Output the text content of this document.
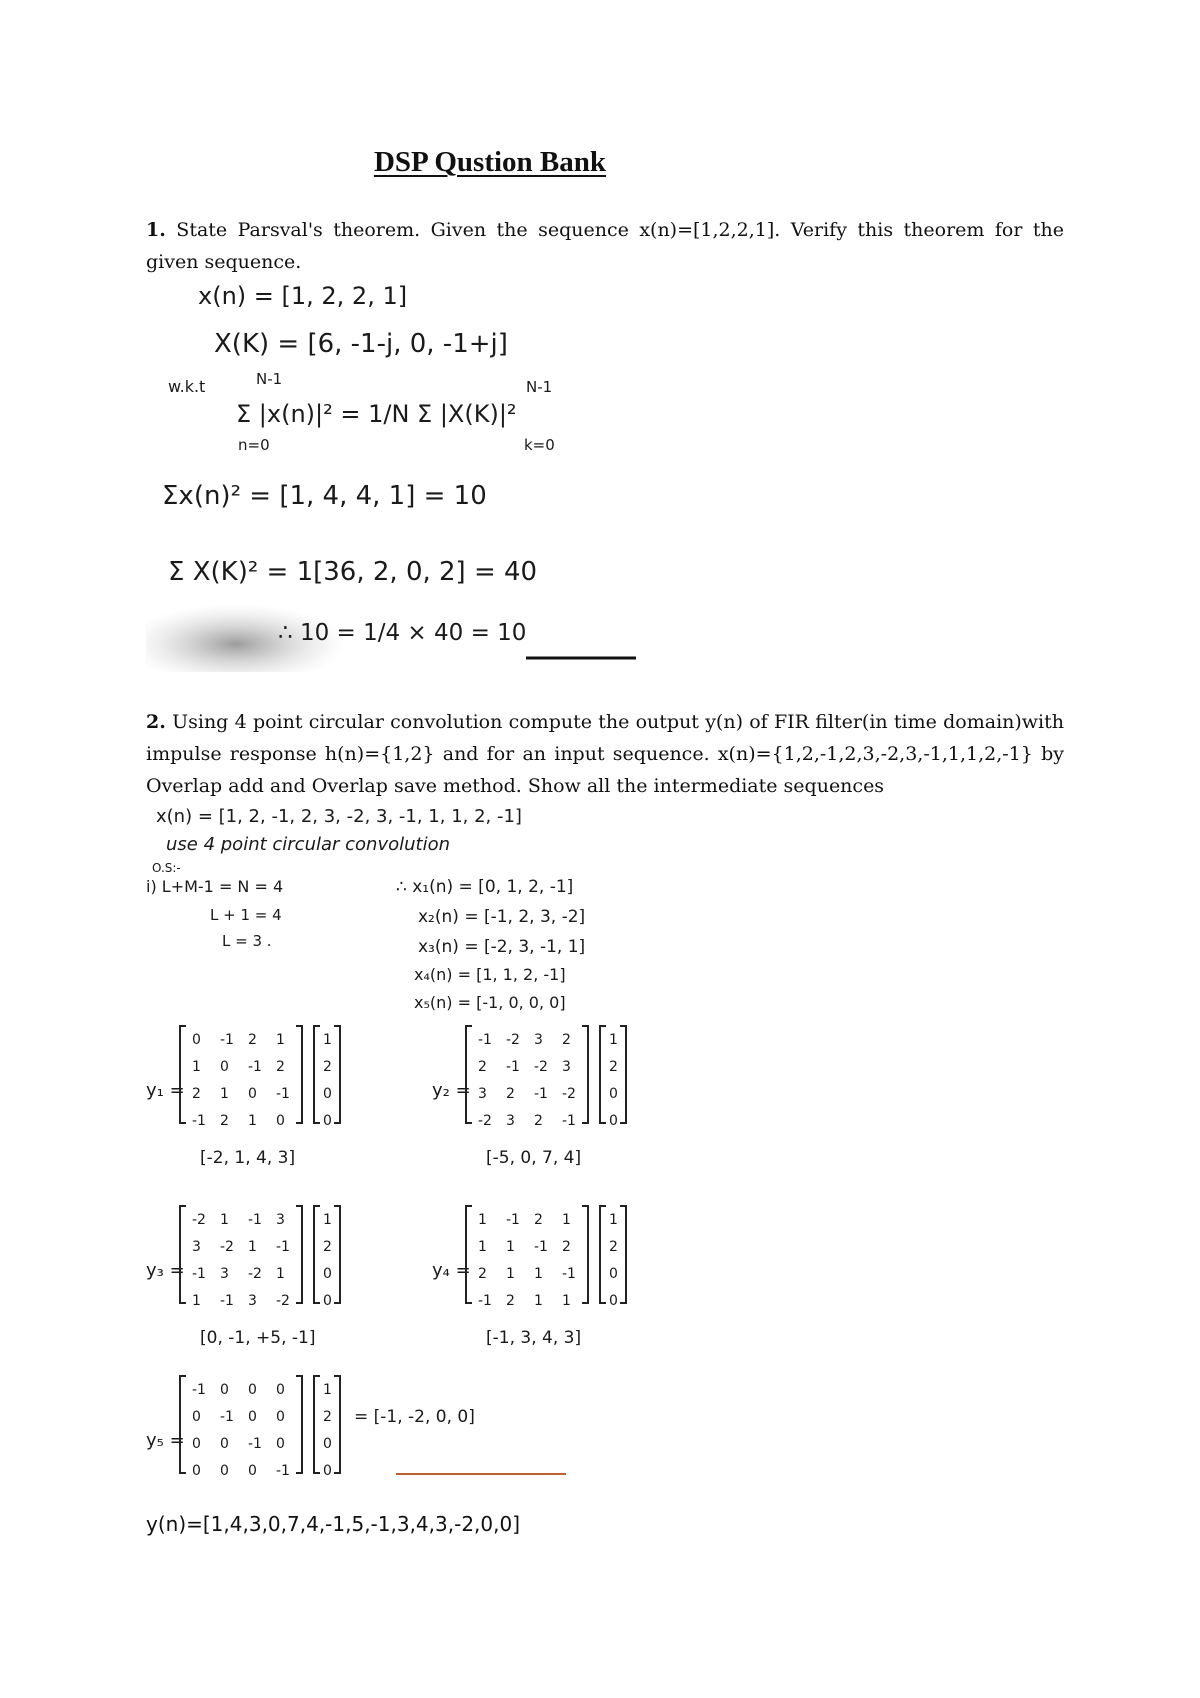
DSP Qustion Bank
1. State Parsval's theorem. Given the sequence x(n)=[1,2,2,1]. Verify this theorem for the given sequence.
x(n) = [1, 2, 2, 1]
X(K) = [6, -1-j, 0, -1+j]
w.k.t	N-1
Σ |x(n)|² = 1/N Σ |X(K)|²
n=0
N-1
k=0
Σx(n)² = [1, 4, 4, 1] = 10
Σ X(K)² = 1[36, 2, 0, 2] = 40
∴ 10 = 1/4 × 40 = 10
2. Using 4 point circular convolution compute the output y(n) of FIR filter(in time domain)with impulse response h(n)={1,2} and for an input sequence. x(n)={1,2,-1,2,3,-2,3,-1,1,1,2,-1} by Overlap add and Overlap save method. Show all the intermediate sequences
x(n) = [1, 2, -1, 2, 3, -2, 3, -1, 1, 1, 2, -1]
use 4 point circular convolution
O.S:-
i) L+M-1 = N = 4
L + 1 = 4
L = 3 .
∴ x₁(n) = [0, 1, 2, -1]
x₂(n) = [-1, 2, 3, -2]
x₃(n) = [-2, 3, -1, 1]
x₄(n) = [1, 1, 2, -1]
x₅(n) = [-1, 0, 0, 0]
y₁ =
0 -1 2 1
1 0 -1 2
2 1 0 -1
-1 2 1 0
1
2
0
0
[-2, 1, 4, 3]
y₂ =
-1 -2 3 2
2 -1 -2 3
3 2 -1 -2
-2 3 2 -1
1
2
0
0
[-5, 0, 7, 4]
y₃ =
-2 1 -1 3
3 -2 1 -1
-1 3 -2 1
1 -1 3 -2
1
2
0
0
[0, -1, +5, -1]
y₄ =
1 -1 2 1
1 1 -1 2
2 1 1 -1
-1 2 1 1
1
2
0
0
[-1, 3, 4, 3]
y₅ =
-1 0 0 0
0 -1 0 0
0 0 -1 0
0 0 0 -1
1
2
0
0
= [-1, -2, 0, 0]
y(n)=[1,4,3,0,7,4,-1,5,-1,3,4,3,-2,0,0]
